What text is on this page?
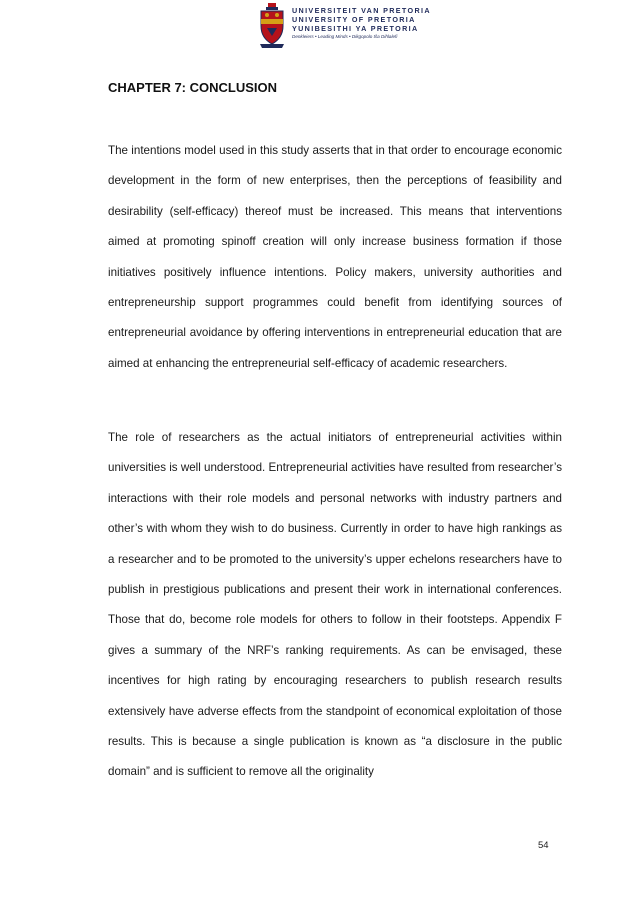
UNIVERSITEIT VAN PRETORIA
UNIVERSITY OF PRETORIA
YUNIBESITHI YA PRETORIA
Denkleiers • Leading Minds • Dikgopolo tša Dihlalefi
CHAPTER 7: CONCLUSION

The intentions model used in this study asserts that in that order to encourage economic development in the form of new enterprises, then the perceptions of feasibility and desirability (self-efficacy) thereof must be increased. This means that interventions aimed at promoting spinoff creation will only increase business formation if those initiatives positively influence intentions. Policy makers, university authorities and entrepreneurship support programmes could benefit from identifying sources of entrepreneurial avoidance by offering interventions in entrepreneurial education that are aimed at enhancing the entrepreneurial self-efficacy of academic researchers.

The role of researchers as the actual initiators of entrepreneurial activities within universities is well understood. Entrepreneurial activities have resulted from researcher’s interactions with their role models and personal networks with industry partners and other’s with whom they wish to do business. Currently in order to have high rankings as a researcher and to be promoted to the university’s upper echelons researchers have to publish in prestigious publications and present their work in international conferences. Those that do, become role models for others to follow in their footsteps. Appendix F gives a summary of the NRF’s ranking requirements. As can be envisaged, these incentives for high rating by encouraging researchers to publish research results extensively have adverse effects from the standpoint of economical exploitation of those results. This is because a single publication is known as “a disclosure in the public domain” and is sufficient to remove all the originality

54
